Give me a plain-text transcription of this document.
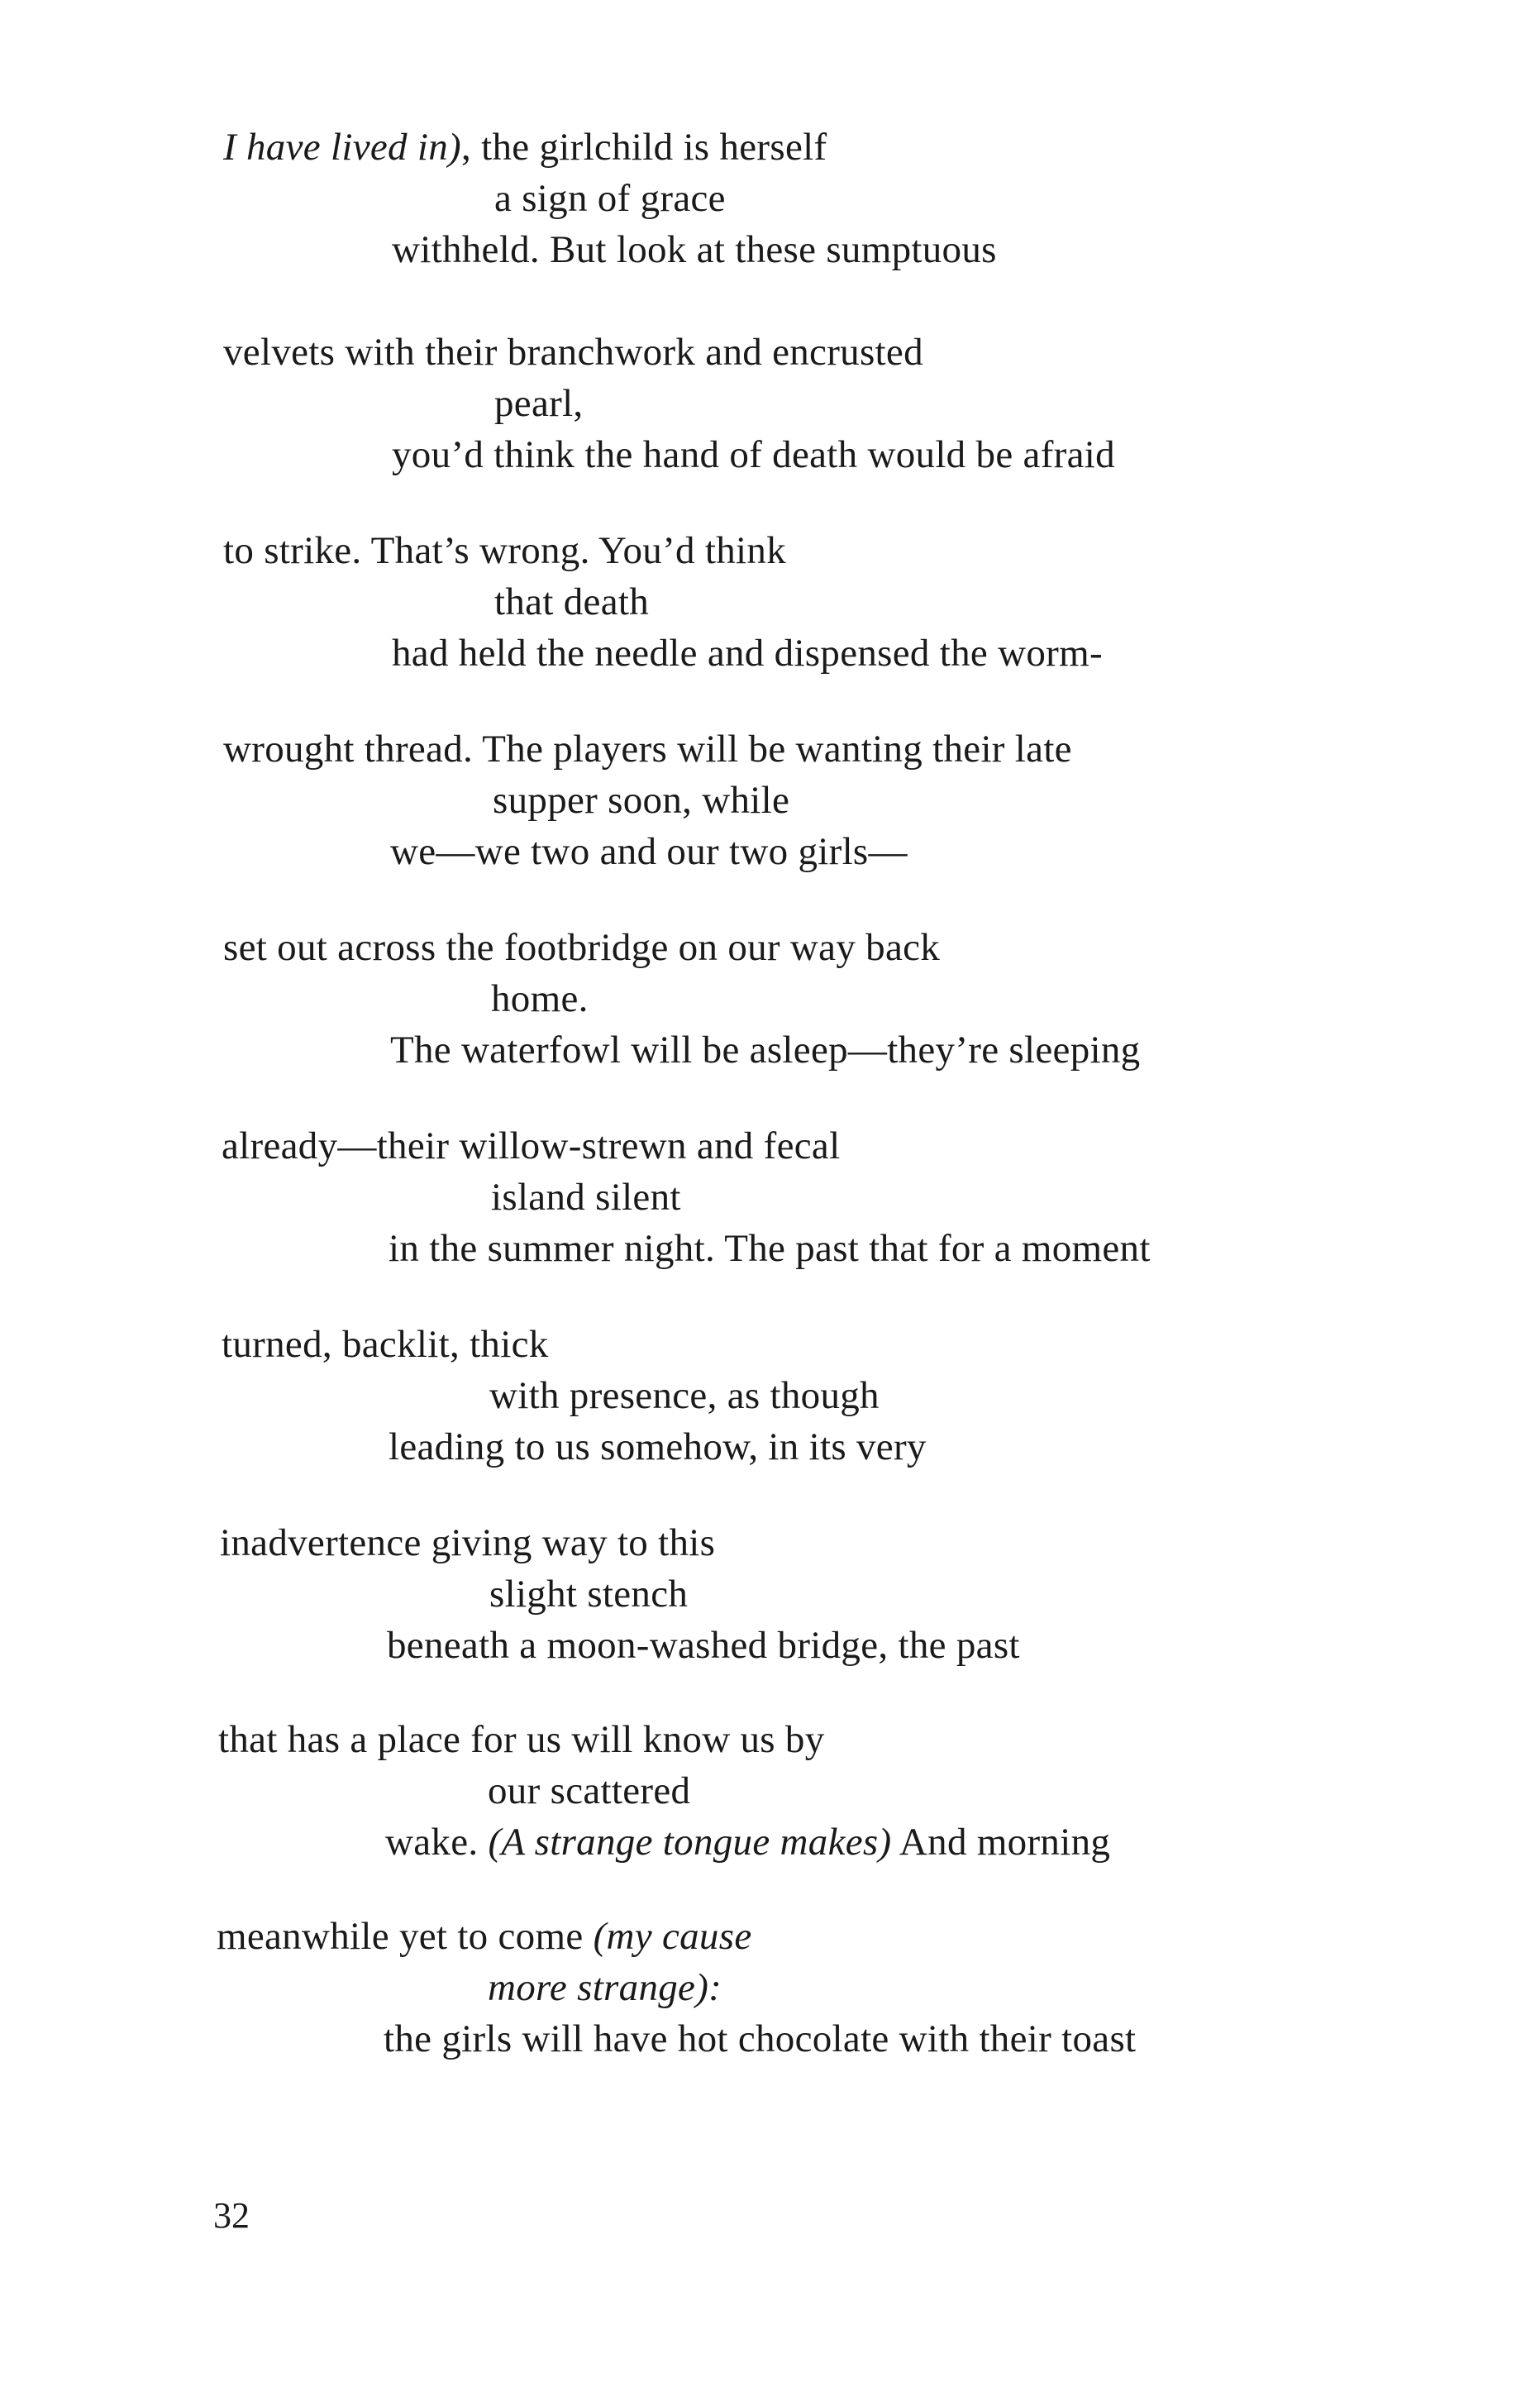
I have lived in), the girlchild is herself
a sign of grace
withheld. But look at these sumptuous
velvets with their branchwork and encrusted
pearl,
you’d think the hand of death would be afraid
to strike. That’s wrong. You’d think
that death
had held the needle and dispensed the worm-
wrought thread. The players will be wanting their late
supper soon, while
we—we two and our two girls—
set out across the footbridge on our way back
home.
The waterfowl will be asleep—they’re sleeping
already—their willow-strewn and fecal
island silent
in the summer night. The past that for a moment
turned, backlit, thick
with presence, as though
leading to us somehow, in its very
inadvertence giving way to this
slight stench
beneath a moon-washed bridge, the past
that has a place for us will know us by
our scattered
wake. (A strange tongue makes) And morning
meanwhile yet to come (my cause
more strange):
the girls will have hot chocolate with their toast
32
